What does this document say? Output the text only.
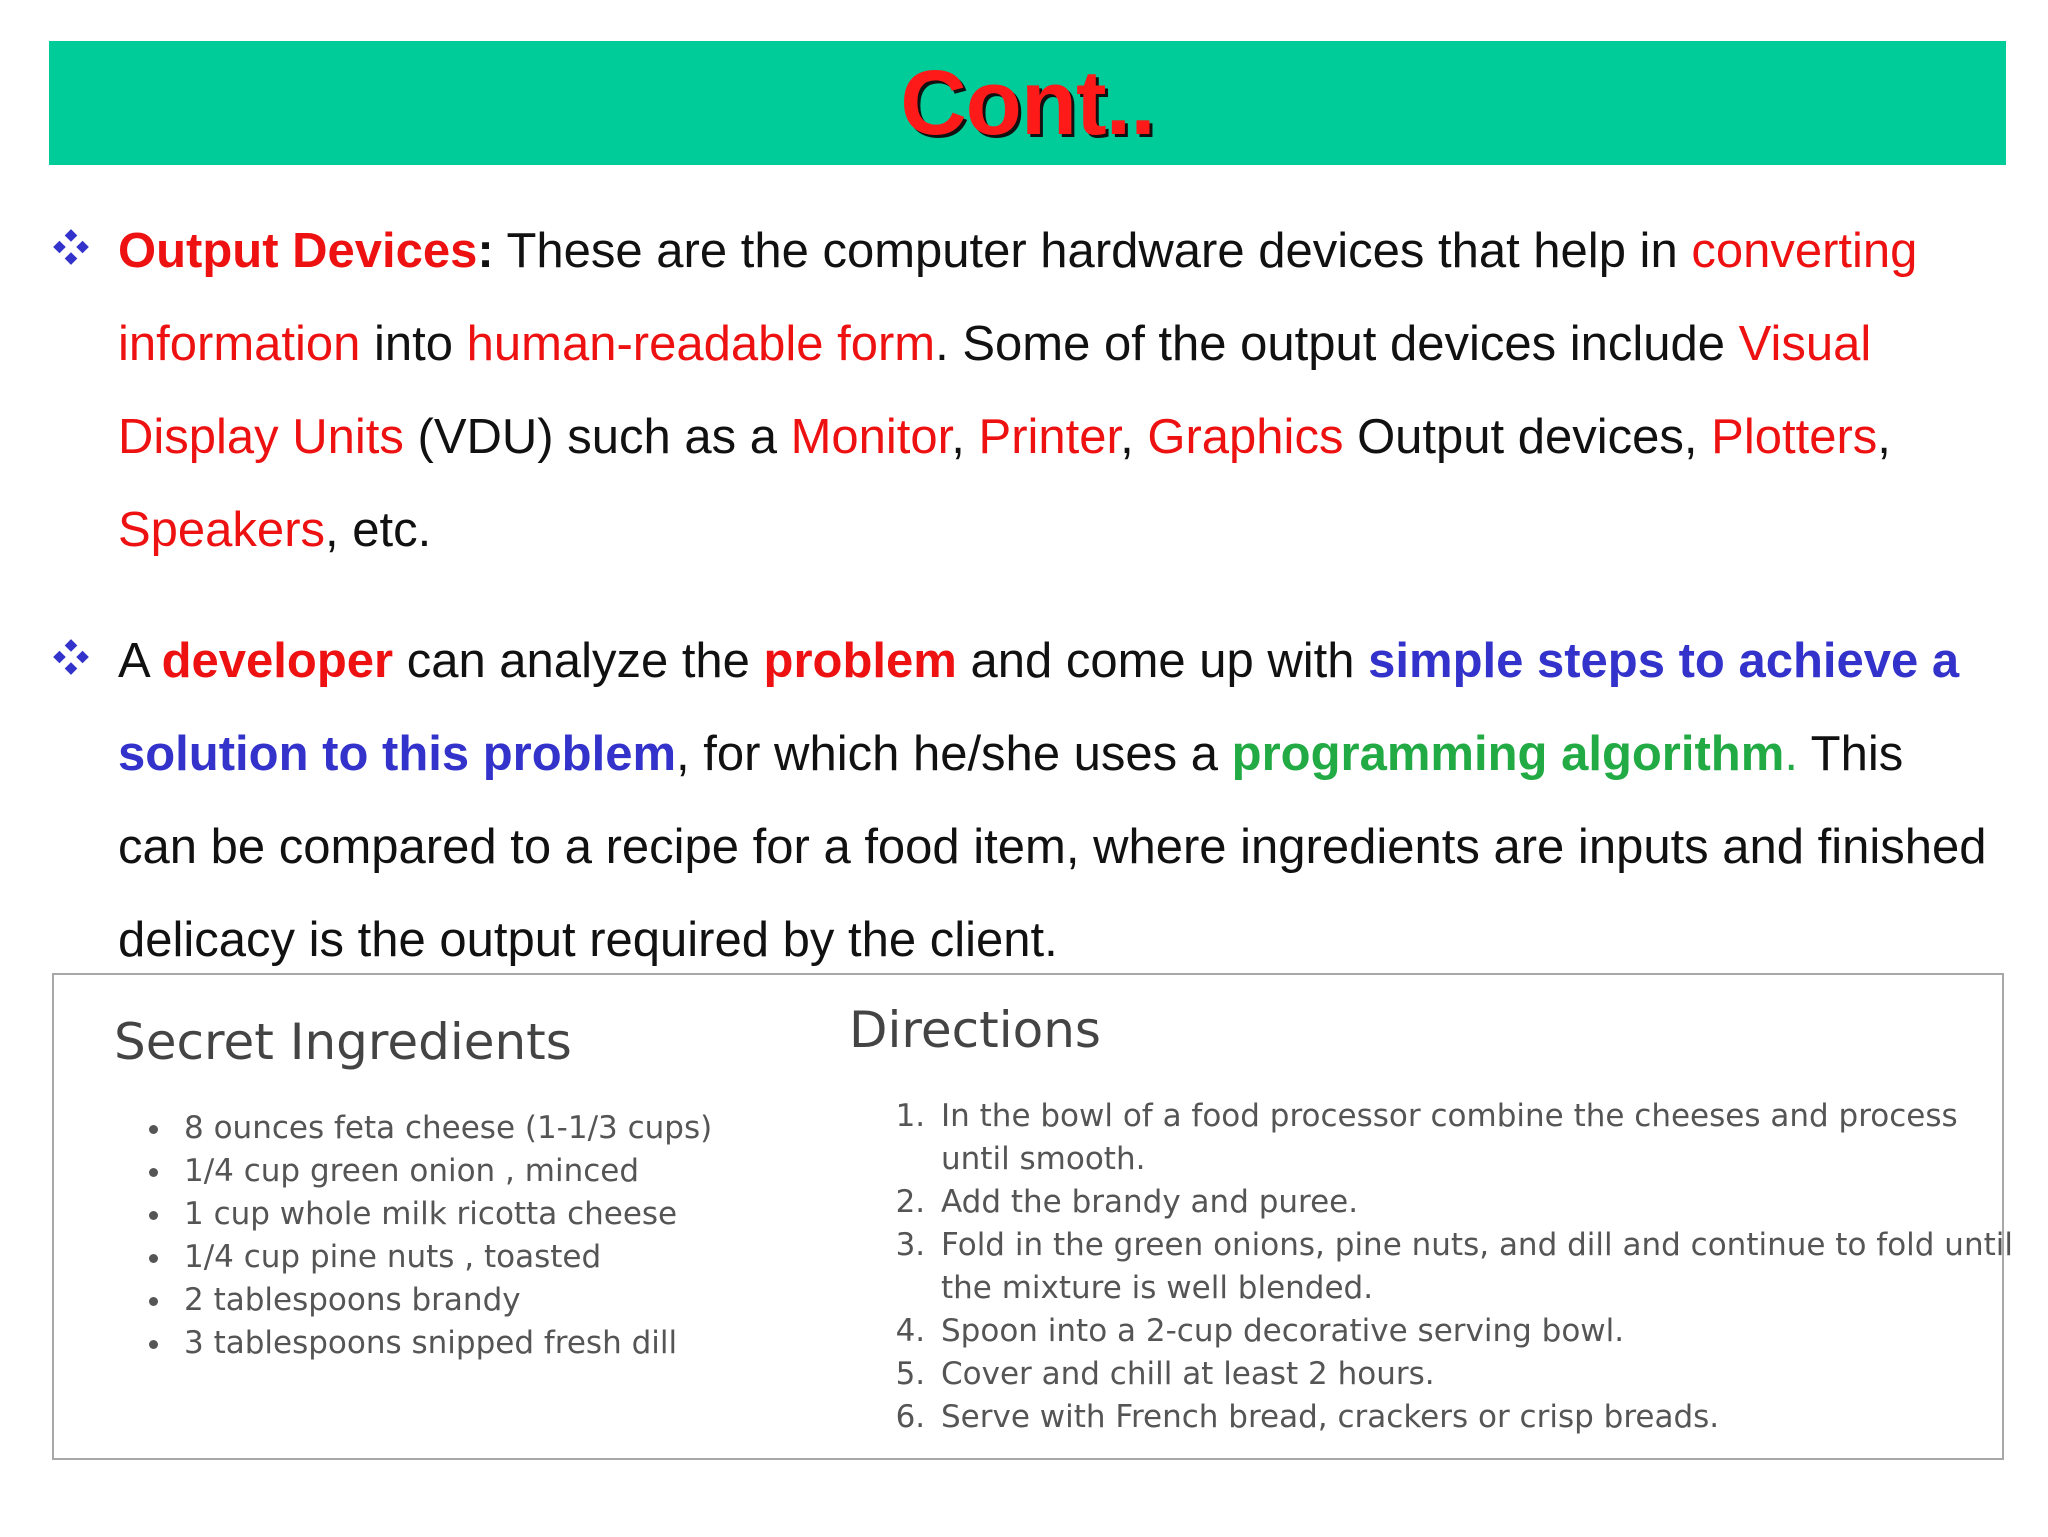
Cont..
Output Devices: These are the computer hardware devices that help in converting information into human-readable form. Some of the output devices include Visual Display Units (VDU) such as a Monitor, Printer, Graphics Output devices, Plotters, Speakers, etc.
A developer can analyze the problem and come up with simple steps to achieve a solution to this problem, for which he/she uses a programming algorithm. This can be compared to a recipe for a food item, where ingredients are inputs and finished delicacy is the output required by the client.
Secret Ingredients
• 8 ounces feta cheese (1-1/3 cups)
• 1/4 cup green onion , minced
• 1 cup whole milk ricotta cheese
• 1/4 cup pine nuts , toasted
• 2 tablespoons brandy
• 3 tablespoons snipped fresh dill
Directions
1. In the bowl of a food processor combine the cheeses and process until smooth.
2. Add the brandy and puree.
3. Fold in the green onions, pine nuts, and dill and continue to fold until the mixture is well blended.
4. Spoon into a 2-cup decorative serving bowl.
5. Cover and chill at least 2 hours.
6. Serve with French bread, crackers or crisp breads.
